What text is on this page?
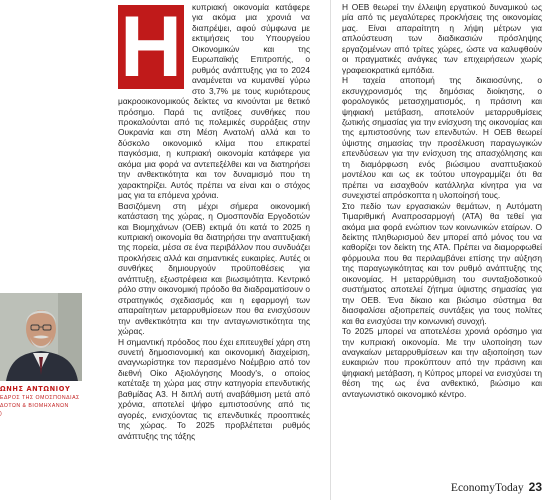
ΩΝΗΣ ΑΝΤΩΝΙΟΥ
ΕΔΡΟΣ ΤΗΣ ΟΜΟΣΠΟΝΔΙΑΣ
ΔΟΤΩΝ & ΒΙΟΜΗΧΑΝΩΝ
)
Η	κυπριακή οικονομία κατάφερε για ακόμα μια χρονιά να διαπρέψει, αφού σύμφωνα με εκτιμήσεις του Υπουργείου Οικονομικών και της Ευρωπαϊκής Επιτροπής, ο ρυθμός ανάπτυξης για το 2024 αναμένεται να κυμανθεί γύρω στο 3,7% με τους κυριότερους μακροοικονομικούς δείκτες να κινούνται με θετικό πρόσημο. Παρά τις αντίξοες συνθήκες που προκαλούνται από τις πολεμικές συρράξεις στην Ουκρανία και στη Μέση Ανατολή αλλά και το δύσκολο οικονομικό κλίμα που επικρατεί παγκόσμια, η κυπριακή οικονομία κατάφερε για ακόμα μια φορά να αντεπεξέλθει και να διατηρήσει την ανθεκτικότητα και τον δυναμισμό που τη χαρακτηρίζει. Αυτός πρέπει να είναι και ο στόχος μας για τα επόμενα χρόνια.

Βασιζόμενη στη μέχρι σήμερα οικονομική κατάσταση της χώρας, η Ομοσπονδία Εργοδοτών και Βιομηχάνων (ΟΕΒ) εκτιμά ότι κατά το 2025 η κυπριακή οικονομία θα διατηρήσει την αναπτυξιακή της πορεία, μέσα σε ένα περιβάλλον που συνδυάζει προκλήσεις αλλά και σημαντικές ευκαιρίες. Αυτές οι συνθήκες δημιουργούν προϋποθέσεις για ανάπτυξη, εξωστρέφεια και βιωσιμότητα. Κεντρικό ρόλο στην οικονομική πρόοδο θα διαδραματίσουν ο στρατηγικός σχεδιασμός και η εφαρμογή των απαραίτητων μεταρρυθμίσεων που θα ενισχύσουν την ανθεκτικότητα και την ανταγωνιστικότητα της χώρας.

Η σημαντική πρόοδος που έχει επιτευχθεί χάρη στη συνετή δημοσιονομική και οικονομική διαχείριση, αναγνωρίστηκε τον περασμένο Νοέμβριο από τον διεθνή Οίκο Αξιολόγησης Moody's, ο οποίος κατέταξε τη χώρα μας στην κατηγορία επενδυτικής βαθμίδας Α3. Η διπλή αυτή αναβάθμιση μετά από χρόνια, αποτελεί ψήφο εμπιστοσύνης από τις αγορές, ενισχύοντας τις επενδυτικές προοπτικές της χώρας. Το 2025 προβλέπεται ρυθμός ανάπτυξης της τάξης

Η ΟΕΒ θεωρεί την έλλειψη εργατικού δυναμικού ως μία από τις μεγαλύτερες προκλήσεις της οικονομίας μας. Είναι απαραίτητη η λήψη μέτρων για απλούστευση των διαδικασιών πρόσληψης εργαζομένων από τρίτες χώρες, ώστε να καλυφθούν οι πραγματικές ανάγκες των επιχειρήσεων χωρίς γραφειοκρατικά εμπόδια.

Η ταχεία αποπομή της δικαιοσύνης, ο εκσυγχρονισμός της δημόσιας διοίκησης, ο φορολογικός μετασχηματισμός, η πράσινη και ψηφιακή μετάβαση, αποτελούν μεταρρυθμίσεις ζωτικής σημασίας για την ενίσχυση της οικονομίας και της εμπιστοσύνης των επενδυτών. Η ΟΕΒ θεωρεί ύψιστης σημασίας την προσέλκυση παραγωγικών επενδύσεων για την ενίσχυση της απασχόλησης και τη διαμόρφωση ενός βιώσιμου αναπτυξιακού μοντέλου και ως εκ τούτου υπογραμμίζει ότι θα πρέπει να εισαχθούν κατάλληλα κίνητρα για να συνεχιστεί απρόσκοπτα η υλοποίησή τους.

Στο πεδίο των εργασιακών θεμάτων, η Αυτόματη Τιμαριθμική Αναπροσαρμογή (ΑΤΑ) θα τεθεί για ακόμα μια φορά ενώπιον των κοινωνικών εταίρων. Ο δείκτης πληθωρισμού δεν μπορεί από μόνος του να καθορίζει τον δείκτη της ΑΤΑ. Πρέπει να διαμορφωθεί φόρμουλα που θα περιλαμβάνει επίσης την αύξηση της παραγωγικότητας και τον ρυθμό ανάπτυξης της οικονομίας. Η μεταρρύθμιση του συνταξιοδοτικού συστήματος αποτελεί ζήτημα ύψιστης σημασίας για την ΟΕΒ. Ένα δίκαιο και βιώσιμο σύστημα θα διασφαλίσει αξιοπρεπείς συντάξεις για τους πολίτες και θα ενισχύσει την κοινωνική συνοχή.

Το 2025 μπορεί να αποτελέσει χρονιά ορόσημο για την κυπριακή οικονομία. Με την υλοποίηση των αναγκαίων μεταρρυθμίσεων και την αξιοποίηση των ευκαιριών που προκύπτουν από την πράσινη και ψηφιακή μετάβαση, η Κύπρος μπορεί να ενισχύσει τη θέση της ως ένα ανθεκτικό, βιώσιμο και ανταγωνιστικό οικονομικό κέντρο.

EconomyToday 23
